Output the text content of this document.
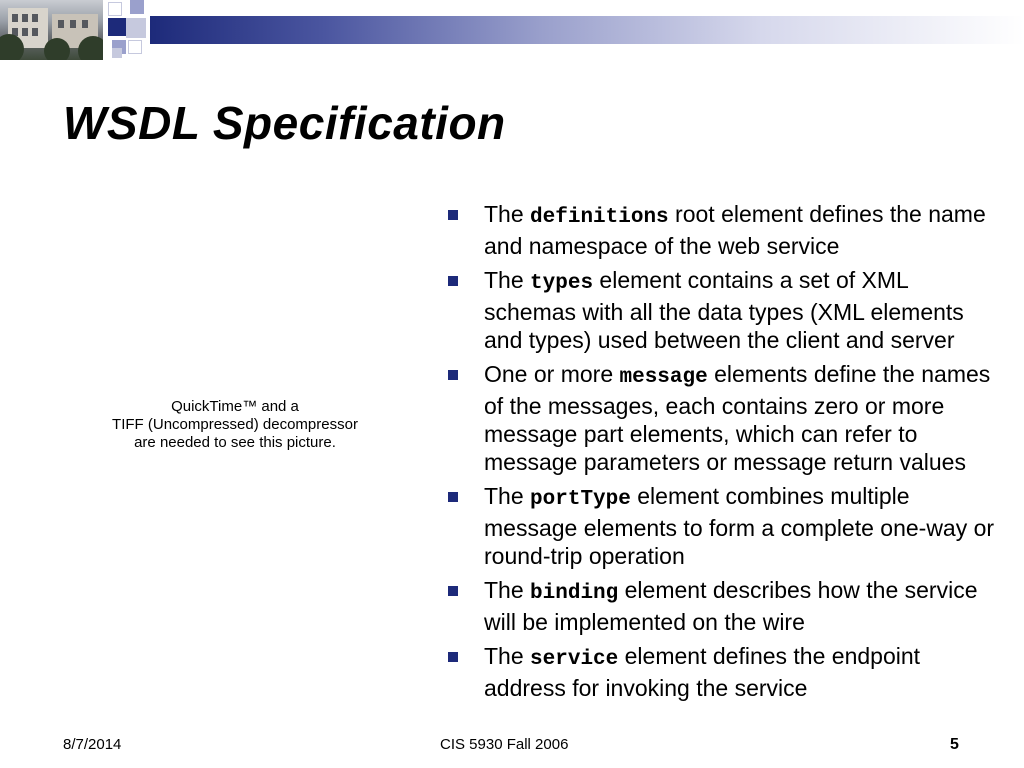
WSDL Specification
QuickTime™ and a
TIFF (Uncompressed) decompressor
are needed to see this picture.
The definitions root element defines the name and namespace of the web service
The types element contains a set of XML schemas with all the data types (XML elements and types) used between the client and server
One or more message elements define the names of the messages, each contains zero or more message part elements, which can refer to message parameters or message return values
The portType element combines multiple message elements to form a complete one-way or round-trip operation
The binding element describes how the service will be implemented on the wire
The service element defines the endpoint address for invoking the service
8/7/2014	CIS 5930 Fall 2006	5
